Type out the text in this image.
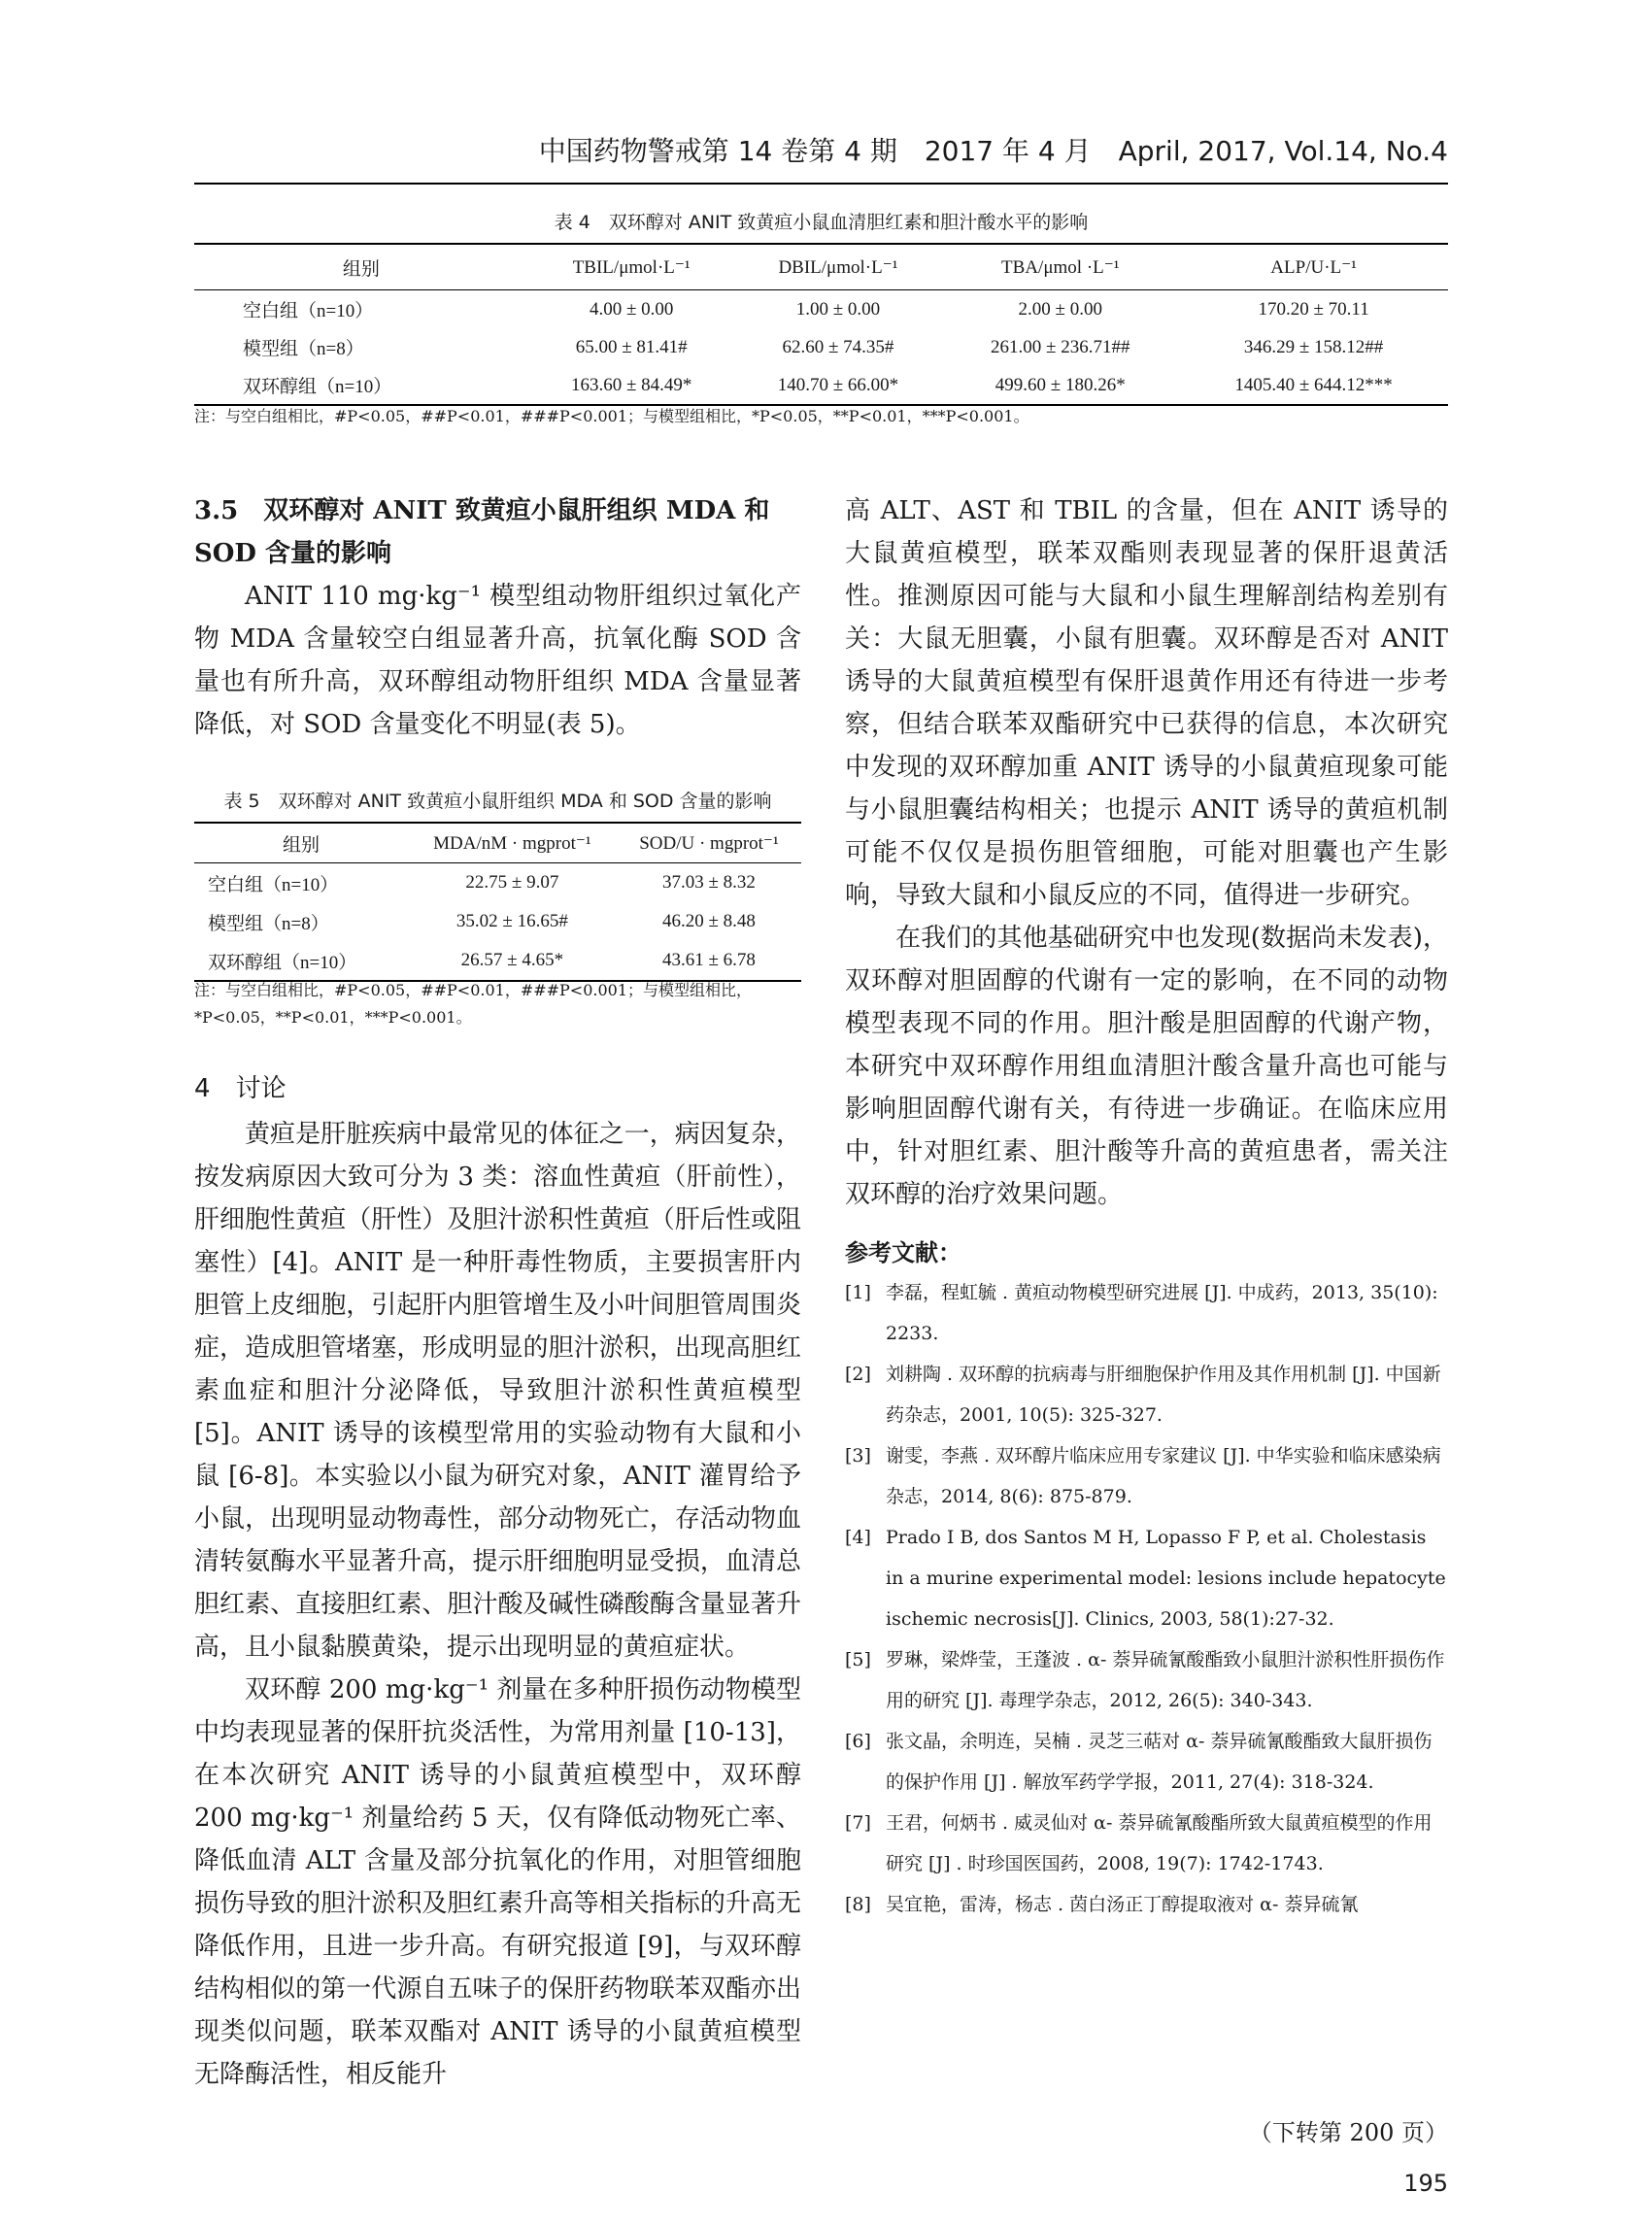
中国药物警戒第 14 卷第 4 期　2017 年 4 月　April, 2017, Vol.14, No.4
表 4　双环醇对 ANIT 致黄疸小鼠血清胆红素和胆汁酸水平的影响
组别	TBIL/μmol·L⁻¹	DBIL/μmol·L⁻¹	TBA/μmol ·L⁻¹	ALP/U·L⁻¹
空白组（n=10）	4.00 ± 0.00	1.00 ± 0.00	2.00 ± 0.00	170.20 ± 70.11
模型组（n=8）	65.00 ± 81.41#	62.60 ± 74.35#	261.00 ± 236.71##	346.29 ± 158.12##
双环醇组（n=10）	163.60 ± 84.49*	140.70 ± 66.00*	499.60 ± 180.26*	1405.40 ± 644.12***
注：与空白组相比，#P<0.05，##P<0.01，###P<0.001；与模型组相比，*P<0.05，**P<0.01，***P<0.001。
3.5　双环醇对 ANIT 致黄疸小鼠肝组织 MDA 和 SOD 含量的影响

ANIT 110 mg·kg⁻¹ 模型组动物肝组织过氧化产物 MDA 含量较空白组显著升高，抗氧化酶 SOD 含量也有所升高，双环醇组动物肝组织 MDA 含量显著降低，对 SOD 含量变化不明显(表 5)。

表 5　双环醇对 ANIT 致黄疸小鼠肝组织 MDA 和 SOD 含量的影响
组别	MDA/nM · mgprot⁻¹	SOD/U · mgprot⁻¹
空白组（n=10）	22.75 ± 9.07	37.03 ± 8.32
模型组（n=8）	35.02 ± 16.65#	46.20 ± 8.48
双环醇组（n=10）	26.57 ± 4.65*	43.61 ± 6.78
注：与空白组相比，#P<0.05，##P<0.01，###P<0.001；与模型组相比，*P<0.05，**P<0.01，***P<0.001。
4　讨论

黄疸是肝脏疾病中最常见的体征之一，病因复杂，按发病原因大致可分为 3 类：溶血性黄疸（肝前性），肝细胞性黄疸（肝性）及胆汁淤积性黄疸（肝后性或阻塞性）[4]。ANIT 是一种肝毒性物质，主要损害肝内胆管上皮细胞，引起肝内胆管增生及小叶间胆管周围炎症，造成胆管堵塞，形成明显的胆汁淤积，出现高胆红素血症和胆汁分泌降低，导致胆汁淤积性黄疸模型 [5]。ANIT 诱导的该模型常用的实验动物有大鼠和小鼠 [6-8]。本实验以小鼠为研究对象，ANIT 灌胃给予小鼠，出现明显动物毒性，部分动物死亡，存活动物血清转氨酶水平显著升高，提示肝细胞明显受损，血清总胆红素、直接胆红素、胆汁酸及碱性磷酸酶含量显著升高，且小鼠黏膜黄染，提示出现明显的黄疸症状。

双环醇 200 mg·kg⁻¹ 剂量在多种肝损伤动物模型中均表现显著的保肝抗炎活性，为常用剂量 [10-13]，在本次研究 ANIT 诱导的小鼠黄疸模型中，双环醇 200 mg·kg⁻¹ 剂量给药 5 天，仅有降低动物死亡率、降低血清 ALT 含量及部分抗氧化的作用，对胆管细胞损伤导致的胆汁淤积及胆红素升高等相关指标的升高无降低作用，且进一步升高。有研究报道 [9]，与双环醇结构相似的第一代源自五味子的保肝药物联苯双酯亦出现类似问题，联苯双酯对 ANIT 诱导的小鼠黄疸模型无降酶活性，相反能升

高 ALT、AST 和 TBIL 的含量，但在 ANIT 诱导的大鼠黄疸模型，联苯双酯则表现显著的保肝退黄活性。推测原因可能与大鼠和小鼠生理解剖结构差别有关：大鼠无胆囊，小鼠有胆囊。双环醇是否对 ANIT 诱导的大鼠黄疸模型有保肝退黄作用还有待进一步考察，但结合联苯双酯研究中已获得的信息，本次研究中发现的双环醇加重 ANIT 诱导的小鼠黄疸现象可能与小鼠胆囊结构相关；也提示 ANIT 诱导的黄疸机制可能不仅仅是损伤胆管细胞，可能对胆囊也产生影响，导致大鼠和小鼠反应的不同，值得进一步研究。

在我们的其他基础研究中也发现(数据尚未发表)，双环醇对胆固醇的代谢有一定的影响，在不同的动物模型表现不同的作用。胆汁酸是胆固醇的代谢产物，本研究中双环醇作用组血清胆汁酸含量升高也可能与影响胆固醇代谢有关，有待进一步确证。在临床应用中，针对胆红素、胆汁酸等升高的黄疸患者，需关注双环醇的治疗效果问题。

参考文献：
[1] 李磊，程虹毓 . 黄疸动物模型研究进展 [J]. 中成药，2013, 35(10): 2233.
[2] 刘耕陶 . 双环醇的抗病毒与肝细胞保护作用及其作用机制 [J]. 中国新药杂志，2001, 10(5): 325-327.
[3] 谢雯，李燕 . 双环醇片临床应用专家建议 [J]. 中华实验和临床感染病杂志，2014, 8(6): 875-879.
[4] Prado I B, dos Santos M H, Lopasso F P, et al. Cholestasis in a murine experimental model: lesions include hepatocyte ischemic necrosis[J]. Clinics, 2003, 58(1):27-32.
[5] 罗琳，梁烨莹，王蓬波 . α- 萘异硫氰酸酯致小鼠胆汁淤积性肝损伤作用的研究 [J]. 毒理学杂志，2012, 26(5): 340-343.
[6] 张文晶，余明连，吴楠 . 灵芝三萜对 α- 萘异硫氰酸酯致大鼠肝损伤的保护作用 [J] . 解放军药学学报，2011, 27(4): 318-324.
[7] 王君，何炳书 . 威灵仙对 α- 萘异硫氰酸酯所致大鼠黄疸模型的作用研究 [J] . 时珍国医国药，2008, 19(7): 1742-1743.
[8] 吴宜艳，雷涛，杨志 . 茵白汤正丁醇提取液对 α- 萘异硫氰
（下转第 200 页）
195
